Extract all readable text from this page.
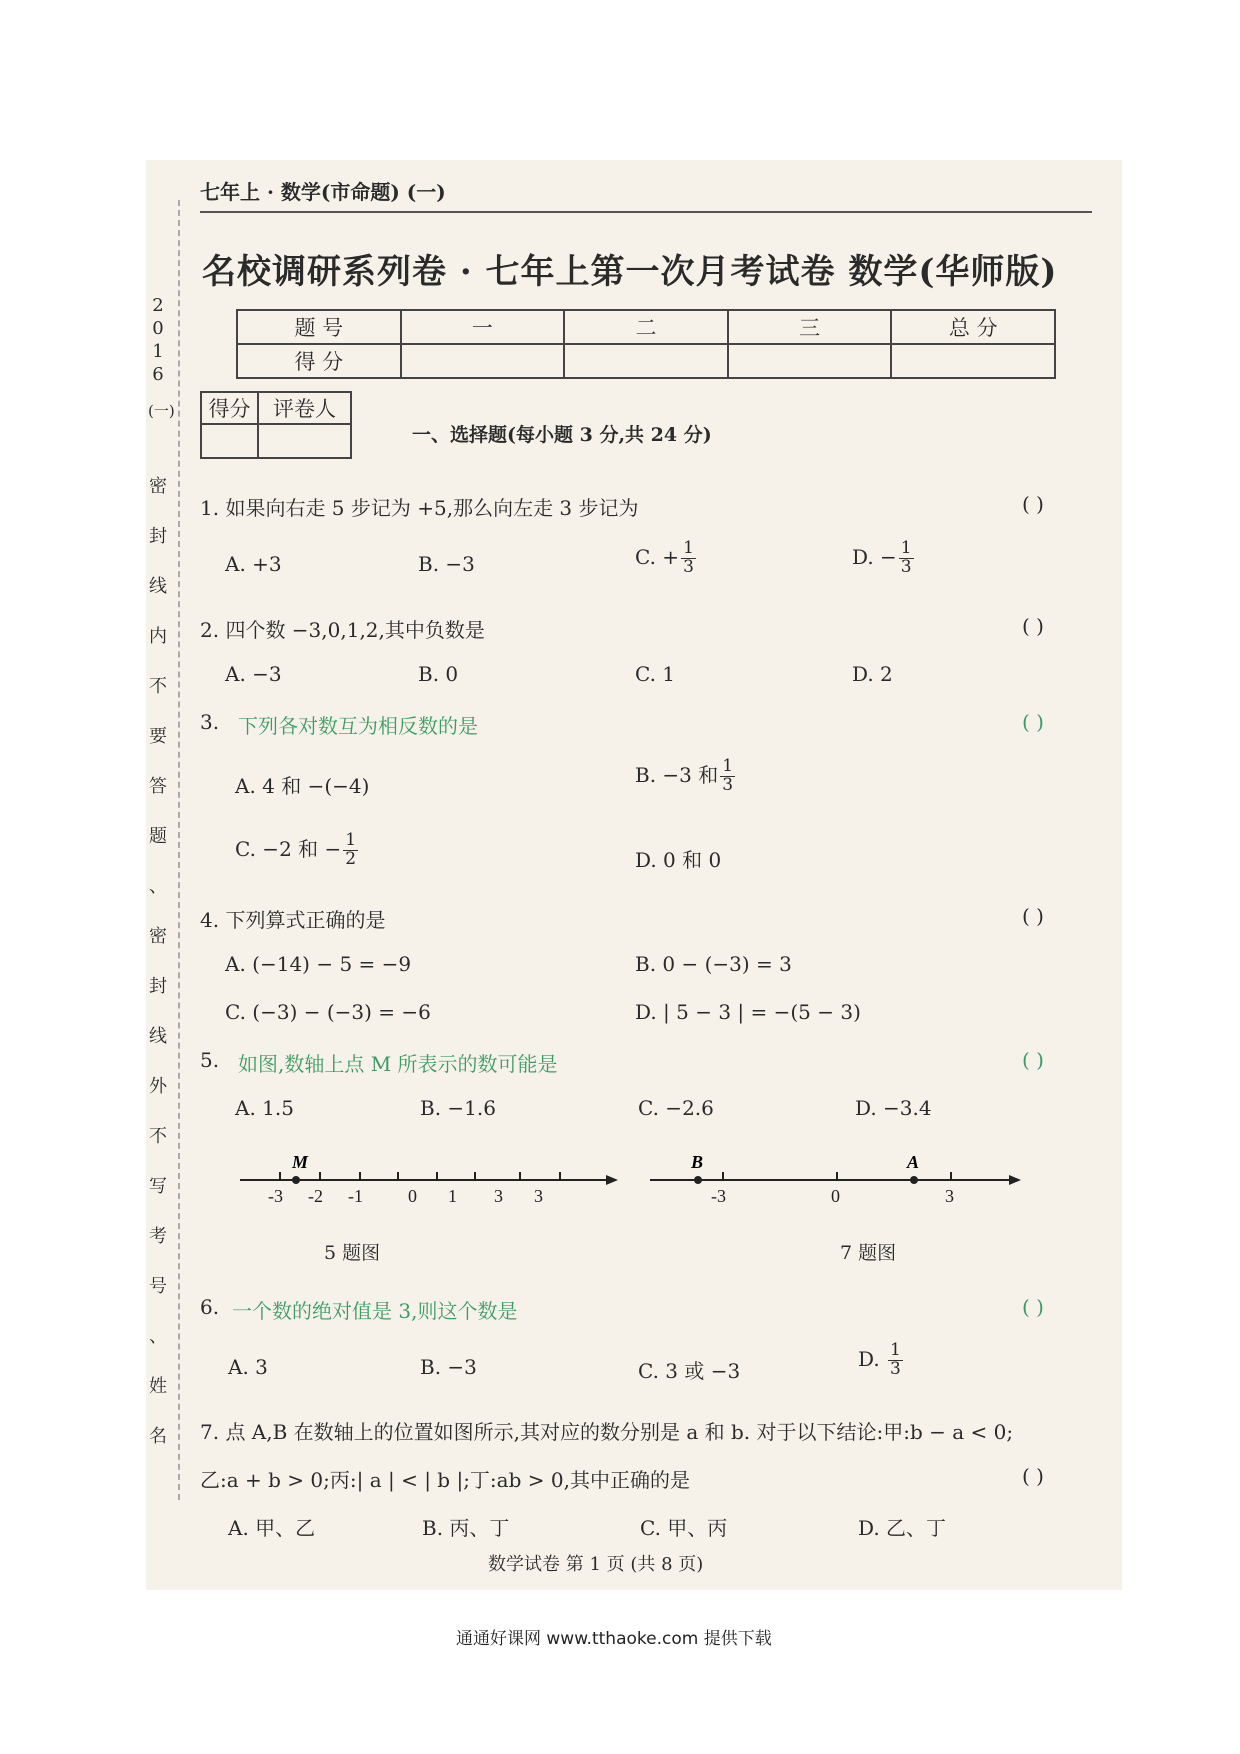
七年上 · 数学(市命题) (一)
名校调研系列卷 · 七年上第一次月考试卷 数学(华师版)
2
0
1
6
(一)
密
封
线
内
不
要
答
题
、
密
封
线
外
不
写
考
号
、
姓
名
题 号	一	二	三	总 分
得 分				
得分	评卷人

一、选择题(每小题 3 分,共 24 分)
1. 如果向右走 5 步记为 +5,那么向左走 3 步记为	( )
A. +3	B. −3	C. + $\frac{1}{3}$	D. − $\frac{1}{3}$
2. 四个数 −3,0,1,2,其中负数是	( )
A. −3	B. 0	C. 1	D. 2
3. 下列各对数互为相反数的是	( )
A. 4 和 −(−4)	B. −3 和 $\frac{1}{3}$
C. −2 和 − $\frac{1}{2}$	D. 0 和 0
4. 下列算式正确的是	( )
A. (−14) − 5 = −9	B. 0 − (−3) = 3
C. (−3) − (−3) = −6	D. | 5 − 3 | = −(5 − 3)
5. 如图,数轴上点 M 所表示的数可能是	( )
A. 1.5	B. −1.6	C. −2.6	D. −3.4
M
-3 -2 -1	0 1 3 3
5 题图
B	A
-3	0	3
7 题图
6. 一个数的绝对值是 3,则这个数是	( )
A. 3	B. −3	C. 3 或 −3
D. $\frac{1}{3}$
7. 点 A,B 在数轴上的位置如图所示,其对应的数分别是 a 和 b. 对于以下结论:甲:b − a < 0;
乙:a + b > 0;丙:| a | < | b |;丁:ab > 0,其中正确的是	( )
A. 甲、乙	B. 丙、丁	C. 甲、丙	D. 乙、丁
数学试卷 第 1 页 (共 8 页)
通通好课网 www.tthaoke.com 提供下载
